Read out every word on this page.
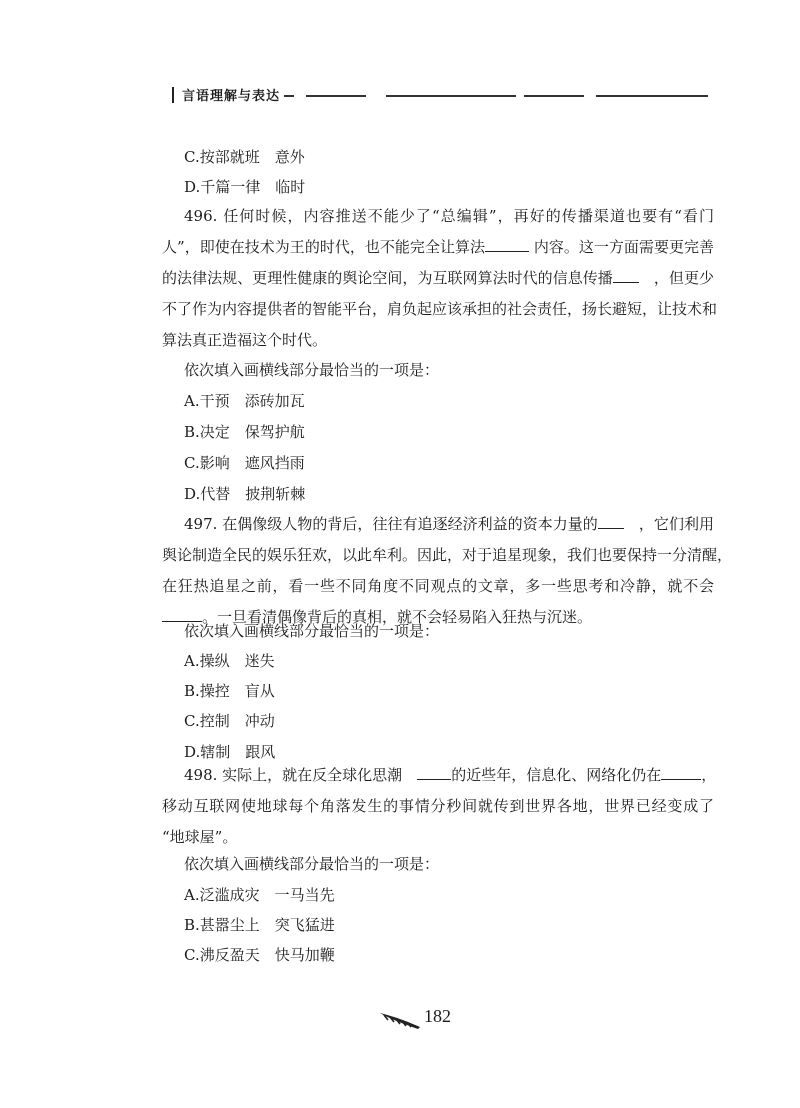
言语理解与表达
C.按部就班　意外
D.千篇一律　临时
496. 任何时候，内容推送不能少了“总编辑”，再好的传播渠道也要有“看门
人”，即使在技术为王的时代，也不能完全让算法	内容。这一方面需要更完善
的法律法规、更理性健康的舆论空间，为互联网算法时代的信息传播　	，但更少
不了作为内容提供者的智能平台，肩负起应该承担的社会责任，扬长避短，让技术和
算法真正造福这个时代。
依次填入画横线部分最恰当的一项是：
A.干预　添砖加瓦
B.决定　保驾护航
C.影响　遮风挡雨
D.代替　披荆斩棘
497. 在偶像级人物的背后，往往有追逐经济利益的资本力量的　	，它们利用
舆论制造全民的娱乐狂欢，以此牟利。因此，对于追星现象，我们也要保持一分清醒，
在狂热追星之前，看一些不同角度不同观点的文章，多一些思考和冷静，就不会
。一旦看清偶像背后的真相，就不会轻易陷入狂热与沉迷。
依次填入画横线部分最恰当的一项是：
A.操纵　迷失
B.操控　盲从
C.控制　冲动
D.辖制　跟风
498. 实际上，就在反全球化思潮　	的近些年，信息化、网络化仍在	，
移动互联网使地球每个角落发生的事情分秒间就传到世界各地，世界已经变成了
“地球屋”。
依次填入画横线部分最恰当的一项是：
A.泛滥成灾　一马当先
B.甚嚣尘上　突飞猛进
C.沸反盈天　快马加鞭
182
